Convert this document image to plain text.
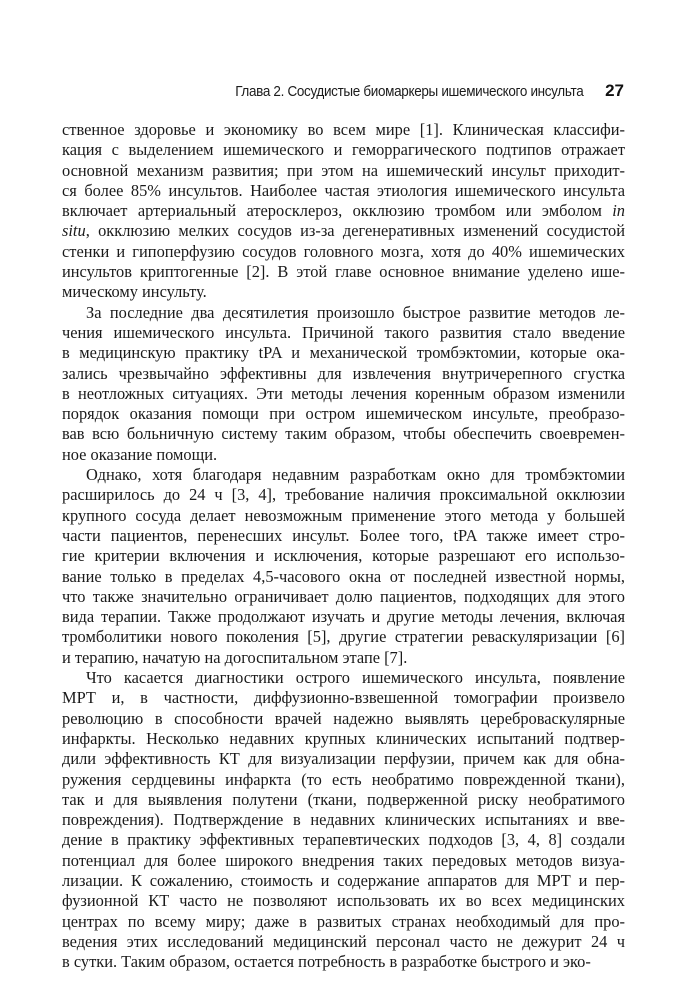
Глава 2. Сосудистые биомаркеры ишемического инсульта 27
ственное здоровье и экономику во всем мире [1]. Клиническая классифи-
кация с выделением ишемического и геморрагического подтипов отражает
основной механизм развития; при этом на ишемический инсульт приходит-
ся более 85% инсультов. Наиболее частая этиология ишемического инсульта
включает артериальный атеросклероз, окклюзию тромбом или эмболом in
situ, окклюзию мелких сосудов из-за дегенеративных изменений сосудистой
стенки и гипоперфузию сосудов головного мозга, хотя до 40% ишемических
инсультов криптогенные [2]. В этой главе основное внимание уделено ише-
мическому инсульту.
За последние два десятилетия произошло быстрое развитие методов ле-
чения ишемического инсульта. Причиной такого развития стало введение
в медицинскую практику tPA и механической тромбэктомии, которые ока-
зались чрезвычайно эффективны для извлечения внутричерепного сгустка
в неотложных ситуациях. Эти методы лечения коренным образом изменили
порядок оказания помощи при остром ишемическом инсульте, преобразо-
вав всю больничную систему таким образом, чтобы обеспечить своевремен-
ное оказание помощи.
Однако, хотя благодаря недавним разработкам окно для тромбэктомии
расширилось до 24 ч [3, 4], требование наличия проксимальной окклюзии
крупного сосуда делает невозможным применение этого метода у большей
части пациентов, перенесших инсульт. Более того, tPA также имеет стро-
гие критерии включения и исключения, которые разрешают его использо-
вание только в пределах 4,5-часового окна от последней известной нормы,
что также значительно ограничивает долю пациентов, подходящих для этого
вида терапии. Также продолжают изучать и другие методы лечения, включая
тромболитики нового поколения [5], другие стратегии реваскуляризации [6]
и терапию, начатую на догоспитальном этапе [7].
Что касается диагностики острого ишемического инсульта, появление
МРТ и, в частности, диффузионно-взвешенной томографии произвело
революцию в способности врачей надежно выявлять цереброваскулярные
инфаркты. Несколько недавних крупных клинических испытаний подтвер-
дили эффективность КТ для визуализации перфузии, причем как для обна-
ружения сердцевины инфаркта (то есть необратимо поврежденной ткани),
так и для выявления полутени (ткани, подверженной риску необратимого
повреждения). Подтверждение в недавних клинических испытаниях и вве-
дение в практику эффективных терапевтических подходов [3, 4, 8] создали
потенциал для более широкого внедрения таких передовых методов визуа-
лизации. К сожалению, стоимость и содержание аппаратов для МРТ и пер-
фузионной КТ часто не позволяют использовать их во всех медицинских
центрах по всему миру; даже в развитых странах необходимый для про-
ведения этих исследований медицинский персонал часто не дежурит 24 ч
в сутки. Таким образом, остается потребность в разработке быстрого и эко-
